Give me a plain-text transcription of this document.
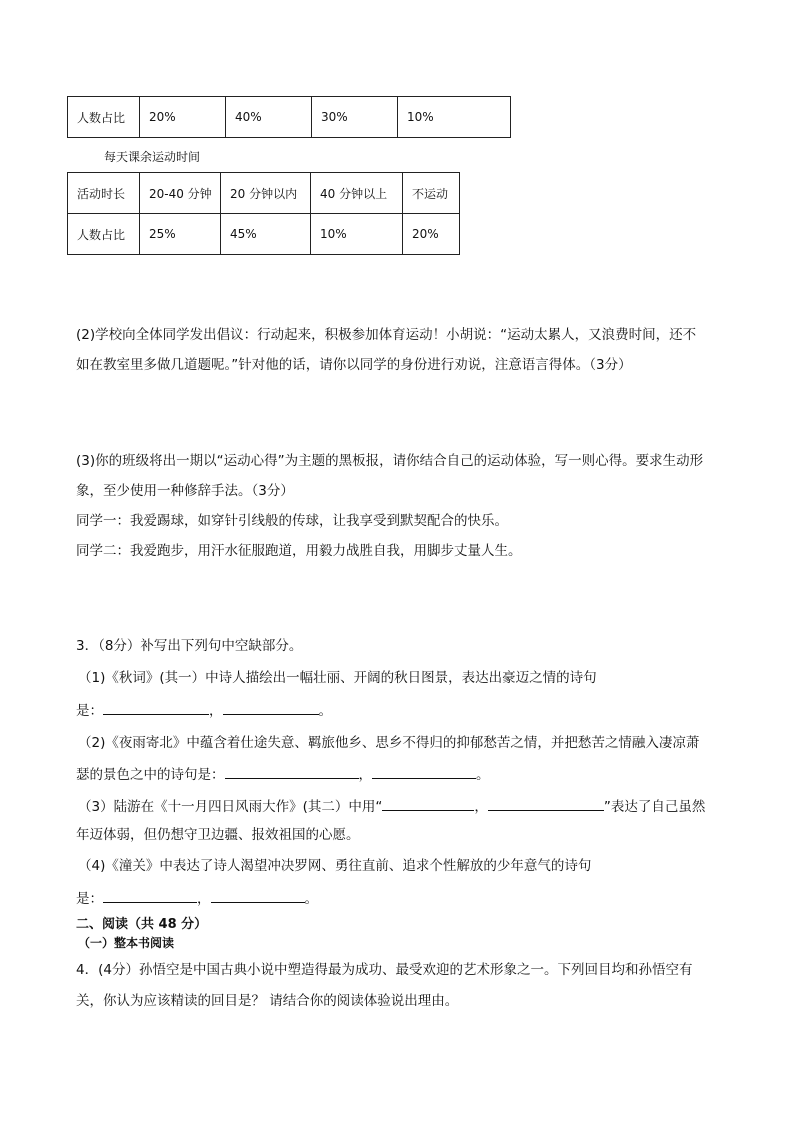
人数占比	20%	40%	30%	10%
每天课余运动时间
活动时长	20-40 分钟	20 分钟以内	40 分钟以上	不运动
人数占比	25%	45%	10%	20%
(2)学校向全体同学发出倡议：行动起来，积极参加体育运动！小胡说：“运动太累人，又浪费时间，还不
如在教室里多做几道题呢。”针对他的话，请你以同学的身份进行劝说，注意语言得体。（3分）
(3)你的班级将出一期以“运动心得”为主题的黑板报，请你结合自己的运动体验，写一则心得。要求生动形
象，至少使用一种修辞手法。（3分）
同学一：我爱踢球，如穿针引线般的传球，让我享受到默契配合的快乐。
同学二：我爱跑步，用汗水征服跑道，用毅力战胜自我，用脚步丈量人生。
3．（8分）补写出下列句中空缺部分。
（1)《秋词》(其一）中诗人描绘出一幅壮丽、开阔的秋日图景，表达出豪迈之情的诗句
是：	，	。
（2)《夜雨寄北》中蕴含着仕途失意、羁旅他乡、思乡不得归的抑郁愁苦之情，并把愁苦之情融入凄凉萧
瑟的景色之中的诗句是：	，	。
（3）陆游在《十一月四日风雨大作》(其二）中用“	，	”表达了自己虽然
年迈体弱，但仍想守卫边疆、报效祖国的心愿。
（4)《潼关》中表达了诗人渴望冲决罗网、勇往直前、追求个性解放的少年意气的诗句
是：	，	。
二、阅读（共 48 分）
（一）整本书阅读
4．(4分）孙悟空是中国古典小说中塑造得最为成功、最受欢迎的艺术形象之一。下列回目均和孙悟空有
关，你认为应该精读的回目是？ 请结合你的阅读体验说出理由。
